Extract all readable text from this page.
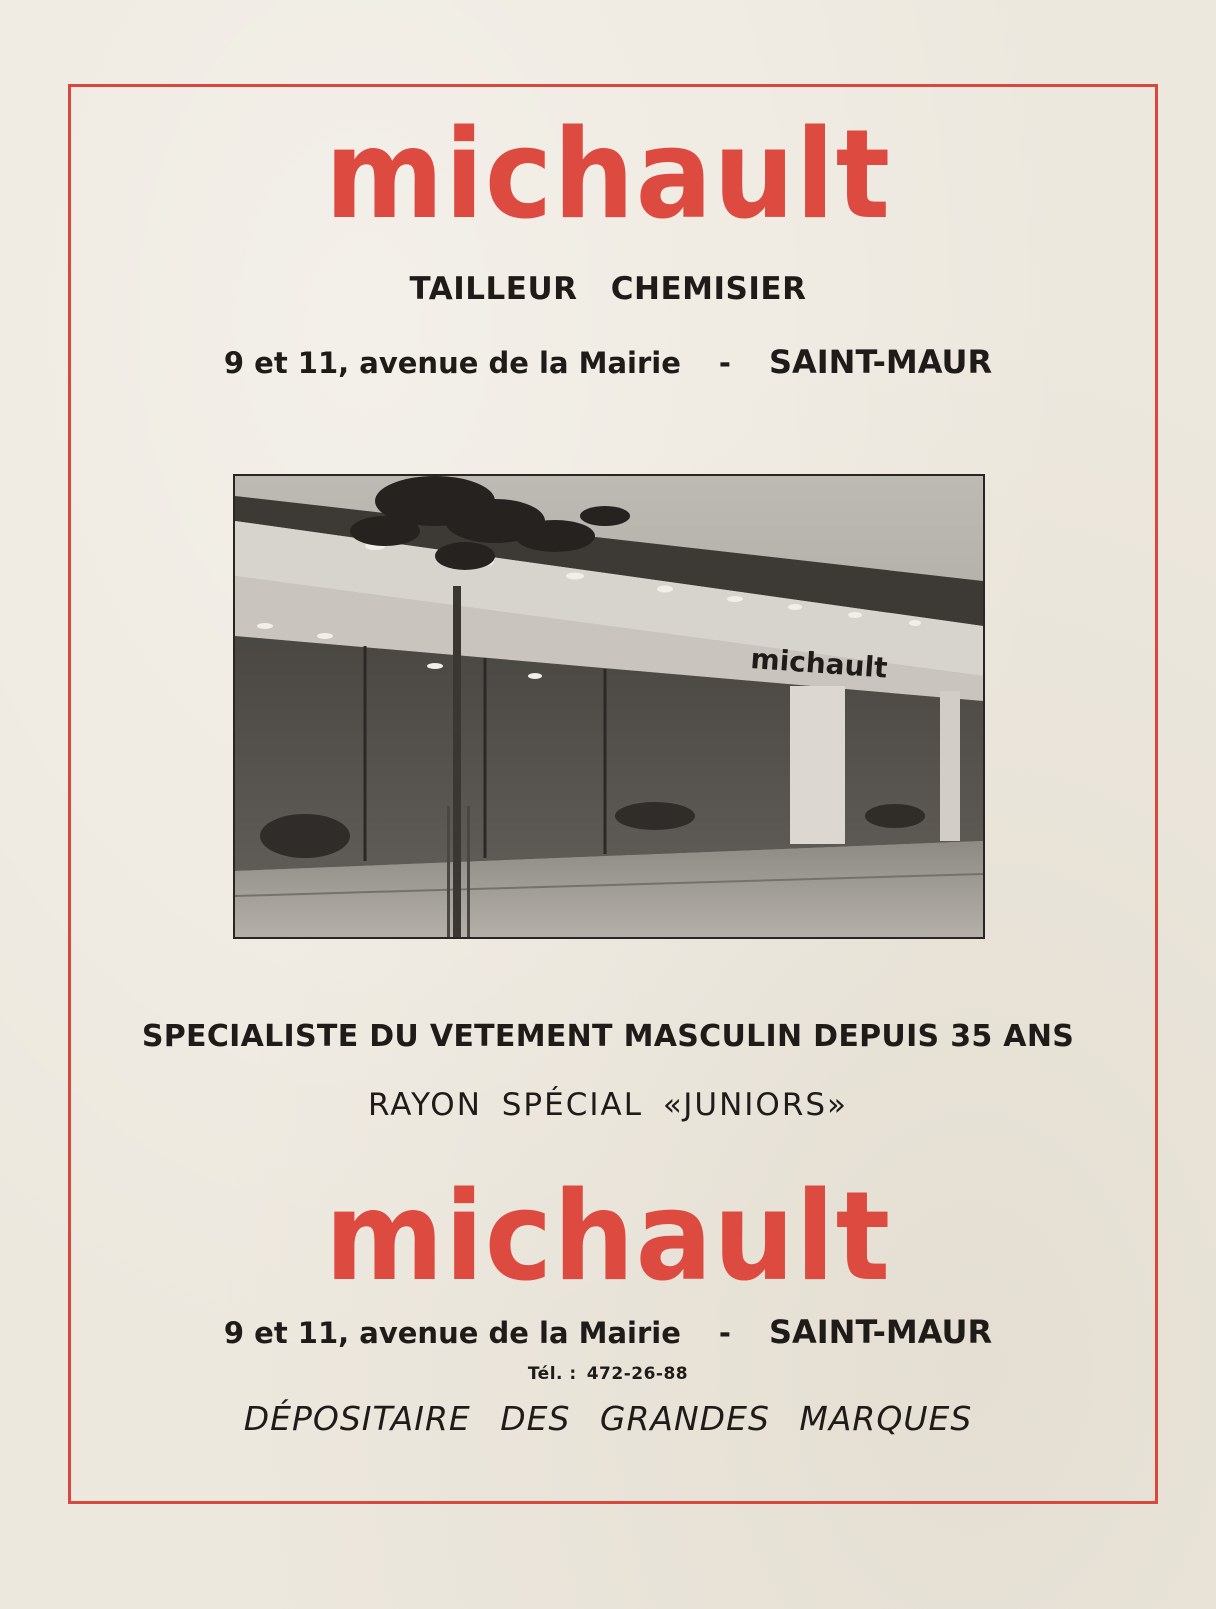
michault
TAILLEUR CHEMISIER
9 et 11, avenue de la Mairie - SAINT-MAUR
michault
SPECIALISTE DU VETEMENT MASCULIN DEPUIS 35 ANS
RAYON SPÉCIAL «JUNIORS»
michault
9 et 11, avenue de la Mairie - SAINT-MAUR
Tél. : 472-26-88
DÉPOSITAIRE DES GRANDES MARQUES
